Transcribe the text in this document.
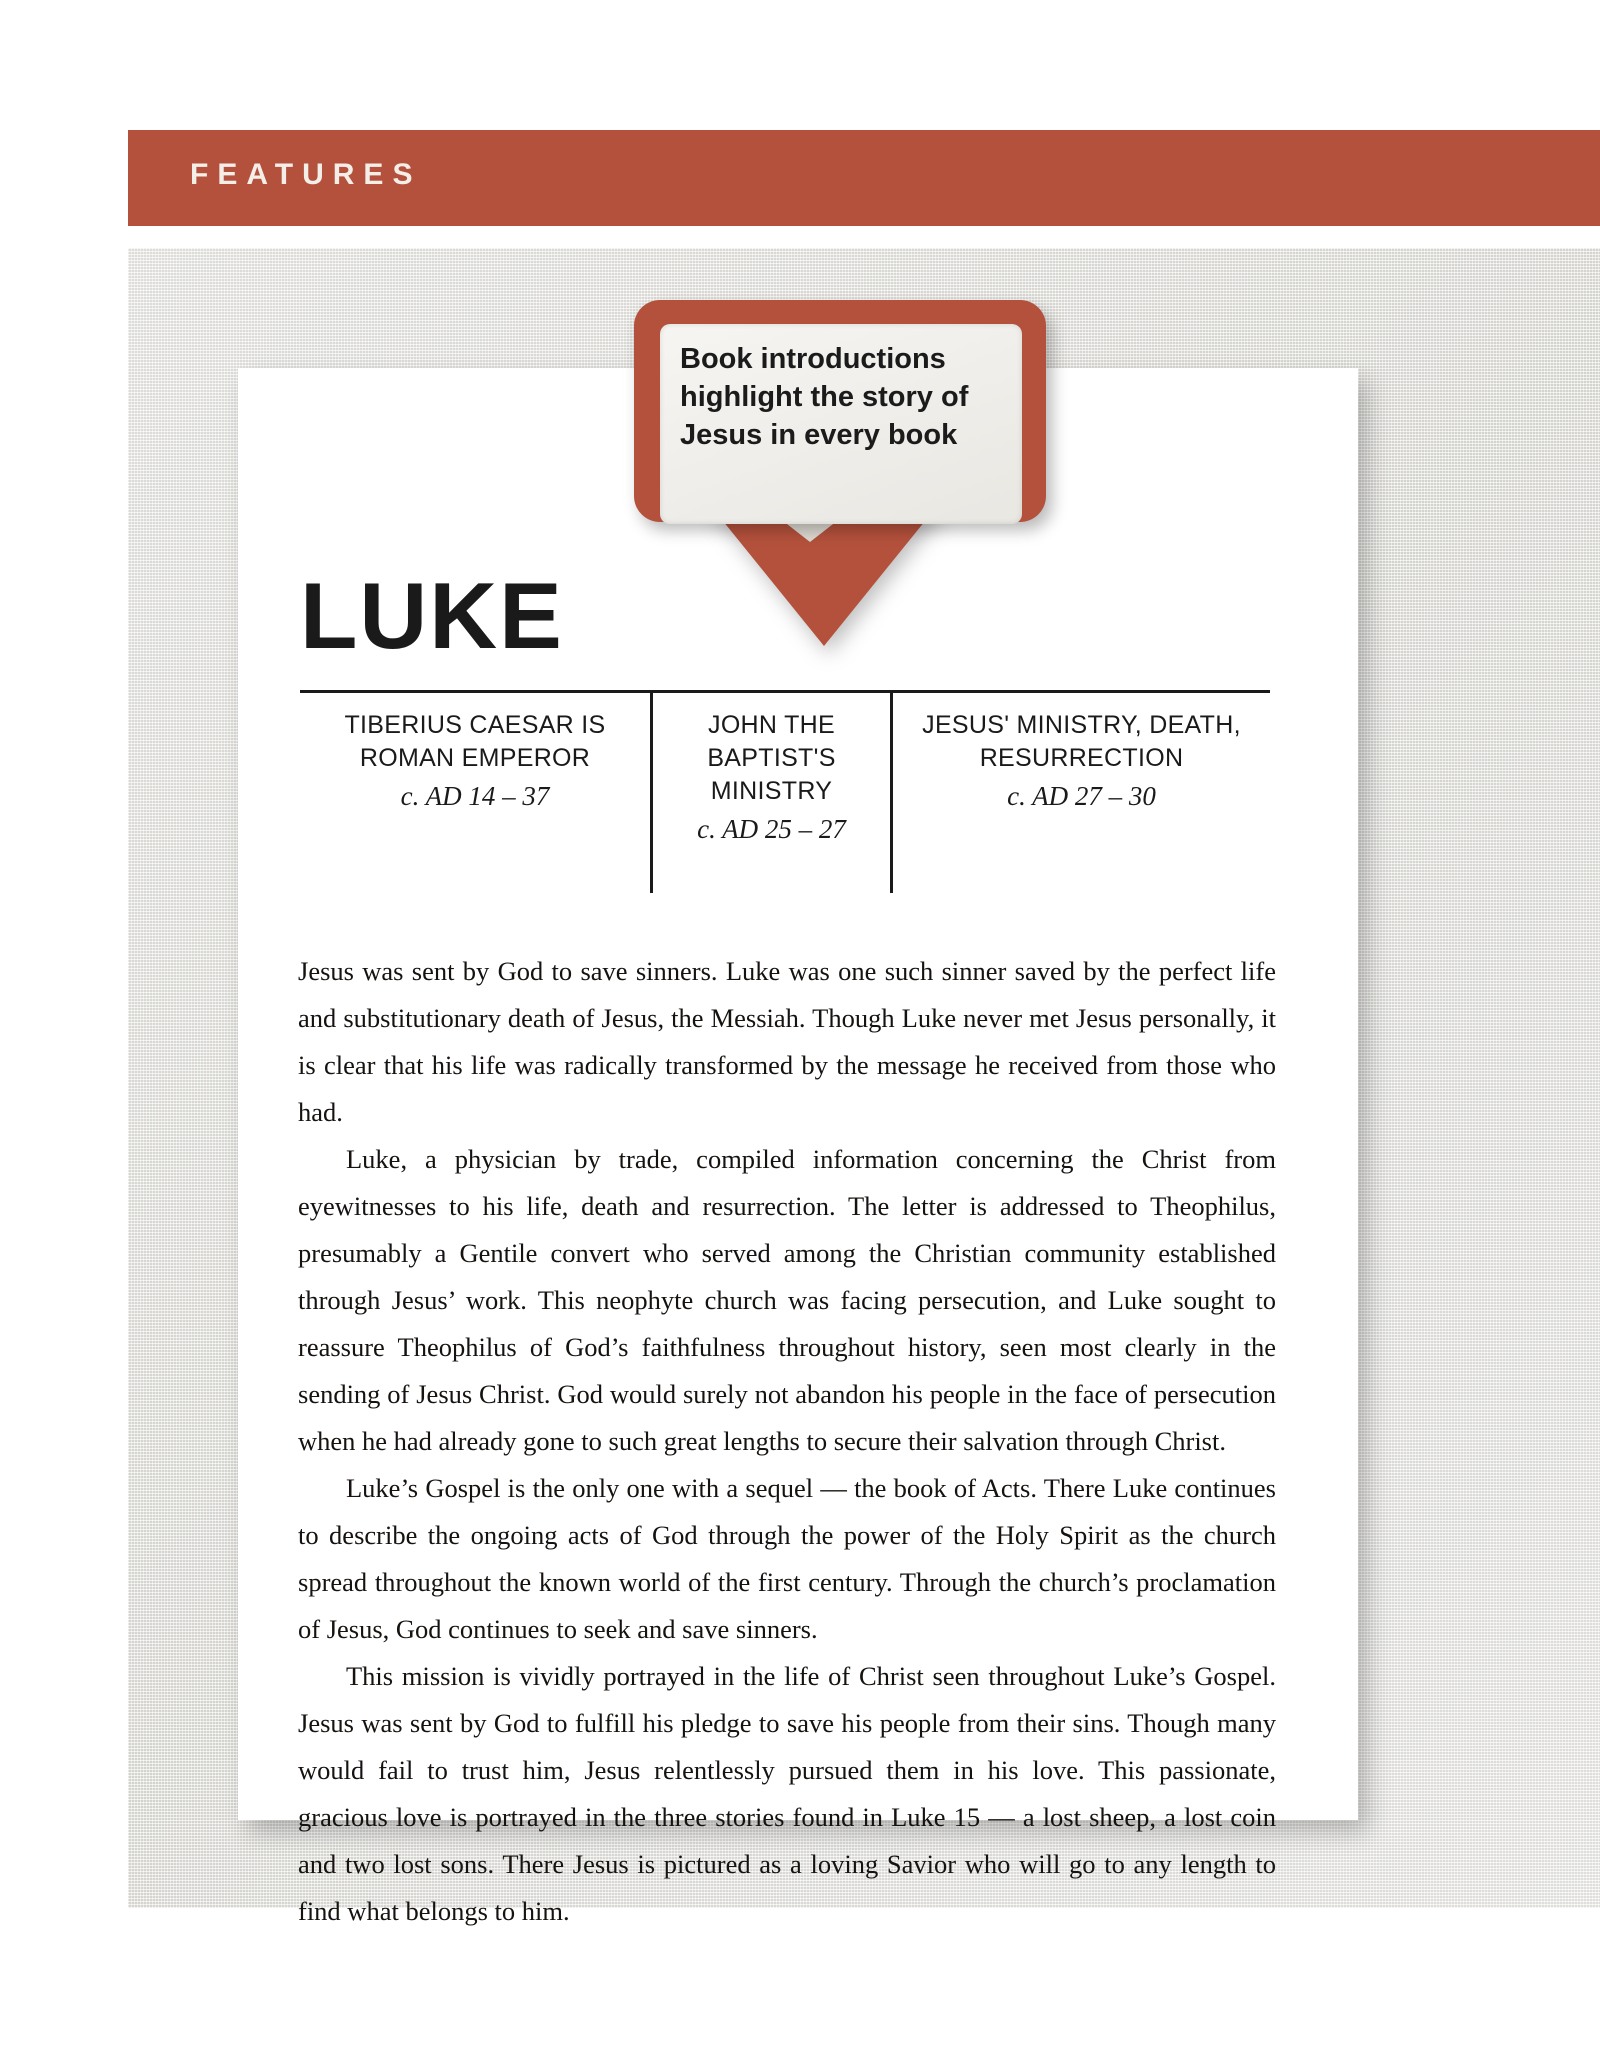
FEATURES
LUKE
Book introductions highlight the story of Jesus in every book
TIBERIUS CAESAR IS ROMAN EMPEROR
c. AD 14 – 37
JOHN THE BAPTIST'S MINISTRY
c. AD 25 – 27
JESUS' MINISTRY, DEATH, RESURRECTION
c. AD 27 – 30

Jesus was sent by God to save sinners. Luke was one such sinner saved by the perfect life and substitutionary death of Jesus, the Messiah. Though Luke never met Jesus personally, it is clear that his life was radically transformed by the message he received from those who had.

Luke, a physician by trade, compiled information concerning the Christ from eyewitnesses to his life, death and resurrection. The letter is addressed to Theophilus, presumably a Gentile convert who served among the Christian community established through Jesus’ work. This neophyte church was facing persecution, and Luke sought to reassure Theophilus of God’s faithfulness throughout history, seen most clearly in the sending of Jesus Christ. God would surely not abandon his people in the face of persecution when he had already gone to such great lengths to secure their salvation through Christ.

Luke’s Gospel is the only one with a sequel — the book of Acts. There Luke continues to describe the ongoing acts of God through the power of the Holy Spirit as the church spread throughout the known world of the first century. Through the church’s proclamation of Jesus, God continues to seek and save sinners.

This mission is vividly portrayed in the life of Christ seen throughout Luke’s Gospel. Jesus was sent by God to fulfill his pledge to save his people from their sins. Though many would fail to trust him, Jesus relentlessly pursued them in his love. This passionate, gracious love is portrayed in the three stories found in Luke 15 — a lost sheep, a lost coin and two lost sons. There Jesus is pictured as a loving Savior who will go to any length to find what belongs to him.
